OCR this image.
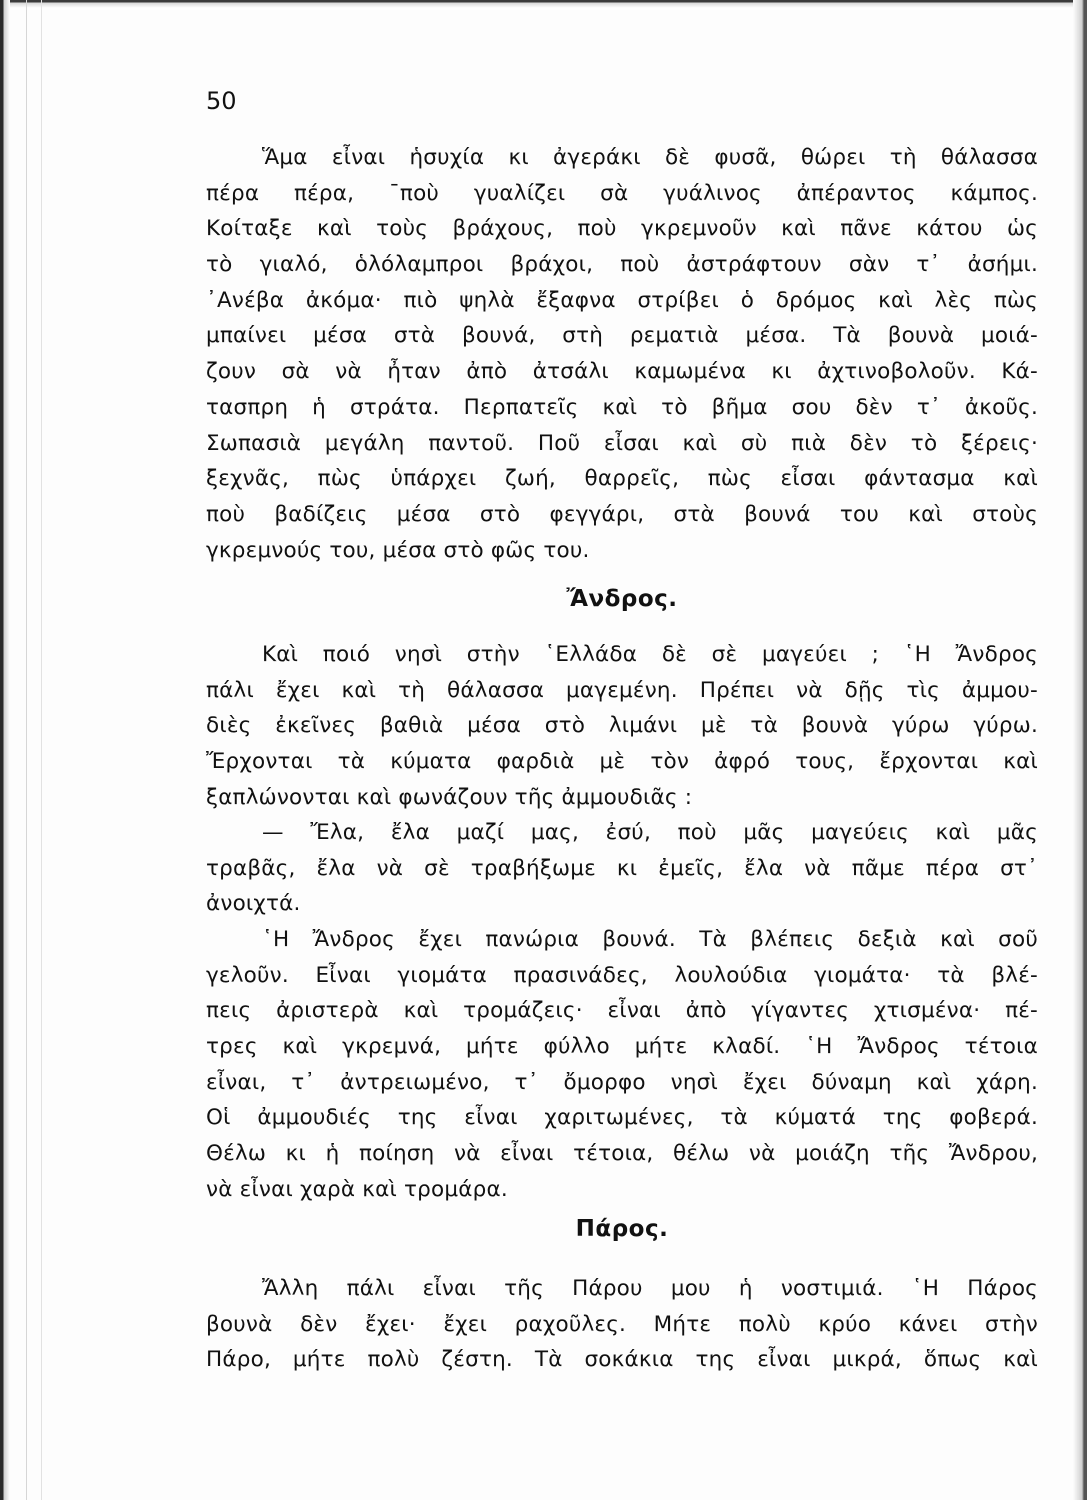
50
Ἅμα εἶναι ἡσυχία κι ἀγεράκι δὲ φυσᾶ, θώρει τὴ θάλασσα
πέρα πέρα, ˉποὺ γυαλίζει σὰ γυάλινος ἀπέραντος κάμπος.
Κοίταξε καὶ τοὺς βράχους, ποὺ γκρεμνοῦν καὶ πᾶνε κάτου ὡς
τὸ γιαλό, ὁλόλαμπροι βράχοι, ποὺ ἀστράφτουν σὰν τ᾽ ἀσήμι.
᾽Ανέβα ἀκόμα· πιὸ ψηλὰ ἔξαφνα στρίβει ὁ δρόμος καὶ λὲς πὼς
μπαίνει μέσα στὰ βουνά, στὴ ρεματιὰ μέσα. Τὰ βουνὰ μοιά-
ζουν σὰ νὰ ἦταν ἀπὸ ἀτσάλι καμωμένα κι ἀχτινοβολοῦν. Κά-
τασπρη ἡ στράτα. Περπατεῖς καὶ τὸ βῆμα σου δὲν τ᾽ ἀκοῦς.
Σωπασιὰ μεγάλη παντοῦ. Ποῦ εἶσαι καὶ σὺ πιὰ δὲν τὸ ξέρεις·
ξεχνᾶς, πὼς ὑπάρχει ζωή, θαρρεῖς, πὼς εἶσαι φάντασμα καὶ
ποὺ βαδίζεις μέσα στὸ φεγγάρι, στὰ βουνά του καὶ στοὺς
γκρεμνούς του, μέσα στὸ φῶς του.
Ἄνδρος.
Καὶ ποιό νησὶ στὴν ῾Ελλάδα δὲ σὲ μαγεύει ; ῾Η Ἄνδρος
πάλι ἔχει καὶ τὴ θάλασσα μαγεμένη. Πρέπει νὰ δῇς τὶς ἀμμου-
διὲς ἐκεῖνες βαθιὰ μέσα στὸ λιμάνι μὲ τὰ βουνὰ γύρω γύρω.
Ἔρχονται τὰ κύματα φαρδιὰ μὲ τὸν ἀφρό τους, ἔρχονται καὶ
ξαπλώνονται καὶ φωνάζουν τῆς ἀμμουδιᾶς :
— Ἔλα, ἔλα μαζί μας, ἐσύ, ποὺ μᾶς μαγεύεις καὶ μᾶς
τραβᾶς, ἔλα νὰ σὲ τραβήξωμε κι ἐμεῖς, ἔλα νὰ πᾶμε πέρα στ᾽
ἀνοιχτά.
῾Η Ἄνδρος ἔχει πανώρια βουνά. Τὰ βλέπεις δεξιὰ καὶ σοῦ
γελοῦν. Εἶναι γιομάτα πρασινάδες, λουλούδια γιομάτα· τὰ βλέ-
πεις ἀριστερὰ καὶ τρομάζεις· εἶναι ἀπὸ γίγαντες χτισμένα· πέ-
τρες καὶ γκρεμνά, μήτε φύλλο μήτε κλαδί. ῾Η Ἄνδρος τέτοια
εἶναι, τ᾽ ἀντρειωμένο, τ᾽ ὄμορφο νησὶ ἔχει δύναμη καὶ χάρη.
Οἱ ἀμμουδιές της εἶναι χαριτωμένες, τὰ κύματά της φοβερά.
Θέλω κι ἡ ποίηση νὰ εἶναι τέτοια, θέλω νὰ μοιάζη τῆς Ἄνδρου,
νὰ εἶναι χαρὰ καὶ τρομάρα.
Πάρος.
Ἄλλη πάλι εἶναι τῆς Πάρου μου ἡ νοστιμιά. ῾Η Πάρος
βουνὰ δὲν ἔχει· ἔχει ραχοῦλες. Μήτε πολὺ κρύο κάνει στὴν
Πάρο, μήτε πολὺ ζέστη. Τὰ σοκάκια της εἶναι μικρά, ὅπως καὶ
